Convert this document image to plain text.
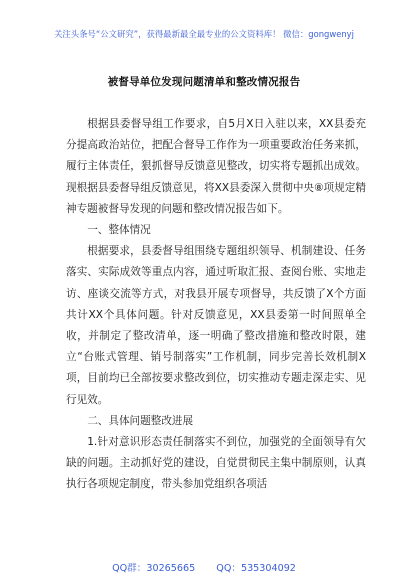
关注头条号“公文研究”，获得最新最全最专业的公文资料库！ 微信：gongwenyj
被督导单位发现问题清单和整改情况报告

根据县委督导组工作要求，自5月X日入驻以来，XX县委充分提高政治站位，把配合督导工作作为一项重要政治任务来抓，履行主体责任，狠抓督导反馈意见整改，切实将专题抓出成效。现根据县委督导组反馈意见，将XX县委深入贯彻中央⑧项规定精神专题被督导发现的问题和整改情况报告如下。

一、整体情况

根据要求，县委督导组围绕专题组织领导、机制建设、任务落实、实际成效等重点内容，通过听取汇报、查阅台账、实地走访、座谈交流等方式，对我县开展专项督导，共反馈了X个方面共计XX个具体问题。针对反馈意见，XX县委第一时间照单全收，并制定了整改清单，逐一明确了整改措施和整改时限，建立“台账式管理、销号制落实”工作机制，同步完善长效机制X项，目前均已全部按要求整改到位，切实推动专题走深走实、见行见效。

二、具体问题整改进展

1.针对意识形态责任制落实不到位，加强党的全面领导有欠缺的问题。主动抓好党的建设，自觉贯彻民主集中制原则，认真执行各项规定制度，带头参加党组织各项活

QQ群：30265665 QQ：535304092
